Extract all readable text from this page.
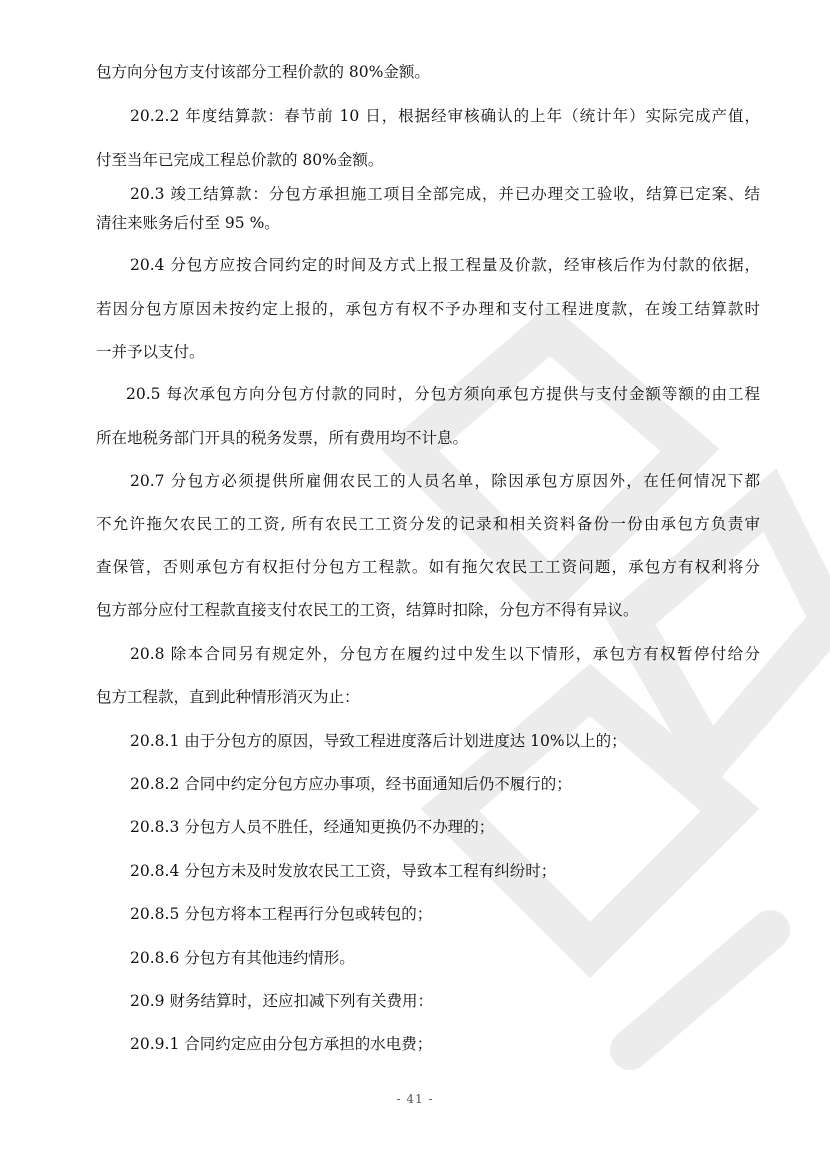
包方向分包方支付该部分工程价款的 80%金额。

20.2.2 年度结算款：春节前 10 日，根据经审核确认的上年（统计年）实际完成产值，

付至当年已完成工程总价款的 80%金额。

20.3 竣工结算款：分包方承担施工项目全部完成，并已办理交工验收，结算已定案、结

清往来账务后付至 95 %。

20.4 分包方应按合同约定的时间及方式上报工程量及价款，经审核后作为付款的依据，

若因分包方原因未按约定上报的，承包方有权不予办理和支付工程进度款，在竣工结算款时

一并予以支付。

20.5 每次承包方向分包方付款的同时，分包方须向承包方提供与支付金额等额的由工程

所在地税务部门开具的税务发票，所有费用均不计息。

20.7 分包方必须提供所雇佣农民工的人员名单，除因承包方原因外，在任何情况下都

不允许拖欠农民工的工资, 所有农民工工资分发的记录和相关资料备份一份由承包方负责审

查保管，否则承包方有权拒付分包方工程款。如有拖欠农民工工资问题，承包方有权利将分

包方部分应付工程款直接支付农民工的工资，结算时扣除，分包方不得有异议。

20.8 除本合同另有规定外，分包方在履约过中发生以下情形，承包方有权暂停付给分

包方工程款，直到此种情形消灭为止：

20.8.1 由于分包方的原因，导致工程进度落后计划进度达 10%以上的；

20.8.2 合同中约定分包方应办事项，经书面通知后仍不履行的；

20.8.3 分包方人员不胜任，经通知更换仍不办理的；

20.8.4 分包方未及时发放农民工工资，导致本工程有纠纷时；

20.8.5 分包方将本工程再行分包或转包的；

20.8.6 分包方有其他违约情形。

20.9 财务结算时，还应扣减下列有关费用：

20.9.1 合同约定应由分包方承担的水电费；

- 41 -
